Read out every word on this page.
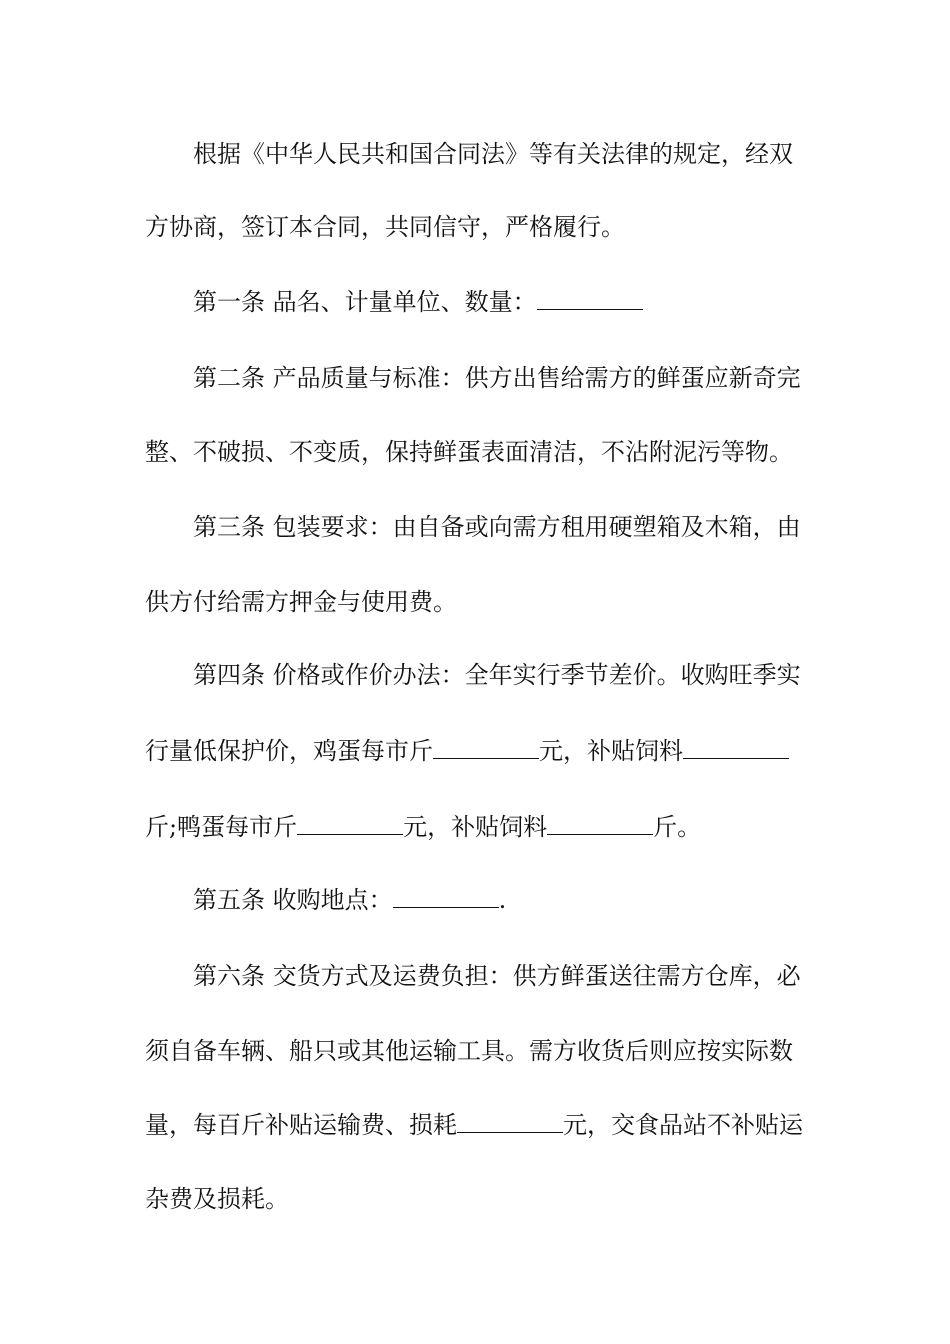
根据《中华人民共和国合同法》等有关法律的规定，经双
方协商，签订本合同，共同信守，严格履行。
第一条 品名、计量单位、数量：
第二条 产品质量与标准：供方出售给需方的鲜蛋应新奇完
整、不破损、不变质，保持鲜蛋表面清洁，不沾附泥污等物。
第三条 包装要求：由自备或向需方租用硬塑箱及木箱，由
供方付给需方押金与使用费。
第四条 价格或作价办法：全年实行季节差价。收购旺季实
行量低保护价，鸡蛋每市斤	元，补贴饲料
斤;鸭蛋每市斤	元，补贴饲料	斤。
第五条 收购地点：	.
第六条 交货方式及运费负担：供方鲜蛋送往需方仓库，必
须自备车辆、船只或其他运输工具。需方收货后则应按实际数
量，每百斤补贴运输费、损耗	元，交食品站不补贴运
杂费及损耗。
